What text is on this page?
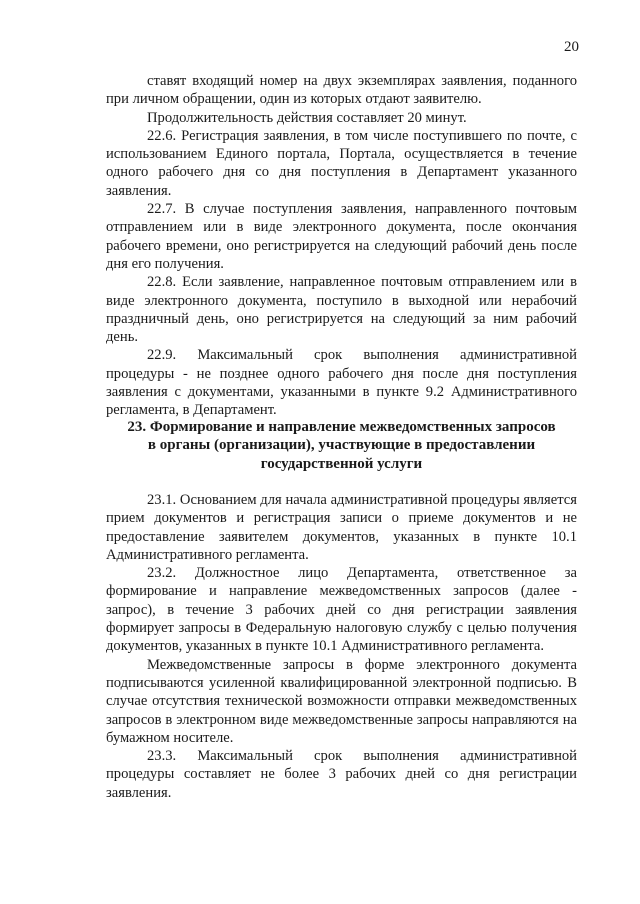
20

ставят входящий номер на двух экземплярах заявления, поданного при личном обращении, один из которых отдают заявителю.

Продолжительность действия составляет 20 минут.

22.6. Регистрация заявления, в том числе поступившего по почте, с использованием Единого портала, Портала, осуществляется в течение одного рабочего дня со дня поступления в Департамент указанного заявления.

22.7. В случае поступления заявления, направленного почтовым отправлением или в виде электронного документа, после окончания рабочего времени, оно регистрируется на следующий рабочий день после дня его получения.

22.8. Если заявление, направленное почтовым отправлением или в виде электронного документа, поступило в выходной или нерабочий праздничный день, оно регистрируется на следующий за ним рабочий день.

22.9. Максимальный срок выполнения административной процедуры - не позднее одного рабочего дня после дня поступления заявления с документами, указанными в пункте 9.2 Административного регламента, в Департамент.

23. Формирование и направление межведомственных запросов
в органы (организации), участвующие в предоставлении
государственной услуги

23.1. Основанием для начала административной процедуры является прием документов и регистрация записи о приеме документов и не предоставление заявителем документов, указанных в пункте 10.1 Административного регламента.

23.2. Должностное лицо Департамента, ответственное за формирование и направление межведомственных запросов (далее - запрос), в течение 3 рабочих дней со дня регистрации заявления формирует запросы в Федеральную налоговую службу с целью получения документов, указанных в пункте 10.1 Административного регламента.

Межведомственные запросы в форме электронного документа подписываются усиленной квалифицированной электронной подписью. В случае отсутствия технической возможности отправки межведомственных запросов в электронном виде межведомственные запросы направляются на бумажном носителе.

23.3. Максимальный срок выполнения административной процедуры составляет не более 3 рабочих дней со дня регистрации заявления.
